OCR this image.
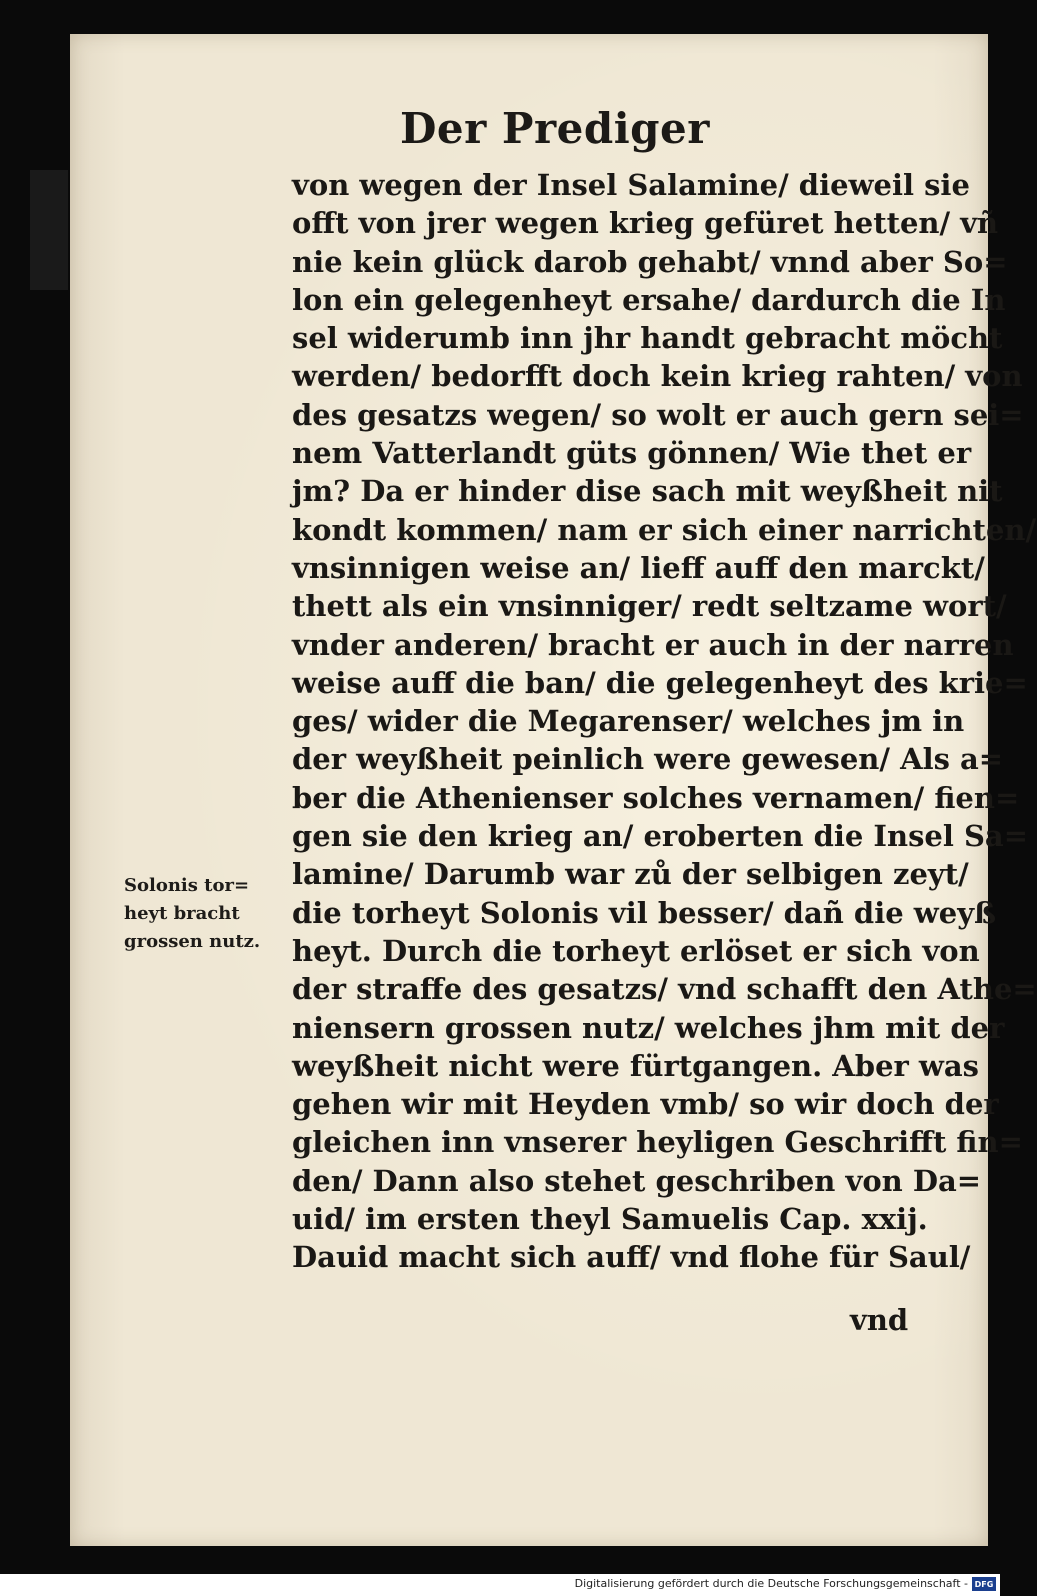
Der Prediger
von wegen der Insel Salamine/ dieweil sie
offt von jrer wegen krieg gefüret hetten/ vñ
nie kein glück darob gehabt/ vnnd aber So=
lon ein gelegenheyt ersahe/ dardurch die In
sel widerumb inn jhr handt gebracht möcht
werden/ bedorfft doch kein krieg rahten/ von
des gesatzs wegen/ so wolt er auch gern sei=
nem Vatterlandt güts gönnen/ Wie thet er
jm? Da er hinder dise sach mit weyßheit nit
kondt kommen/ nam er sich einer narrichten/
vnsinnigen weise an/ lieff auff den marckt/
thett als ein vnsinniger/ redt seltzame wort/
vnder anderen/ bracht er auch in der narren
weise auff die ban/ die gelegenheyt des krie=
ges/ wider die Megarenser/ welches jm in
der weyßheit peinlich were gewesen/ Als a=
ber die Athenienser solches vernamen/ fien=
gen sie den krieg an/ eroberten die Insel Sa=
lamine/ Darumb war zů der selbigen zeyt/
die torheyt Solonis vil besser/ dañ die weyß
heyt. Durch die torheyt erlöset er sich von
der straffe des gesatzs/ vnd schafft den Athe=
niensern grossen nutz/ welches jhm mit der
weyßheit nicht were fürtgangen. Aber was
gehen wir mit Heyden vmb/ so wir doch der
gleichen inn vnserer heyligen Geschrifft fin=
den/ Dann also stehet geschriben von Da=
uid/ im ersten theyl Samuelis Cap. xxij.
Dauid macht sich auff/ vnd flohe für Saul/
vnd
Solonis tor=
heyt bracht
grossen nutz.
Digitalisierung gefördert durch die Deutsche Forschungsgemeinschaft - DFG
